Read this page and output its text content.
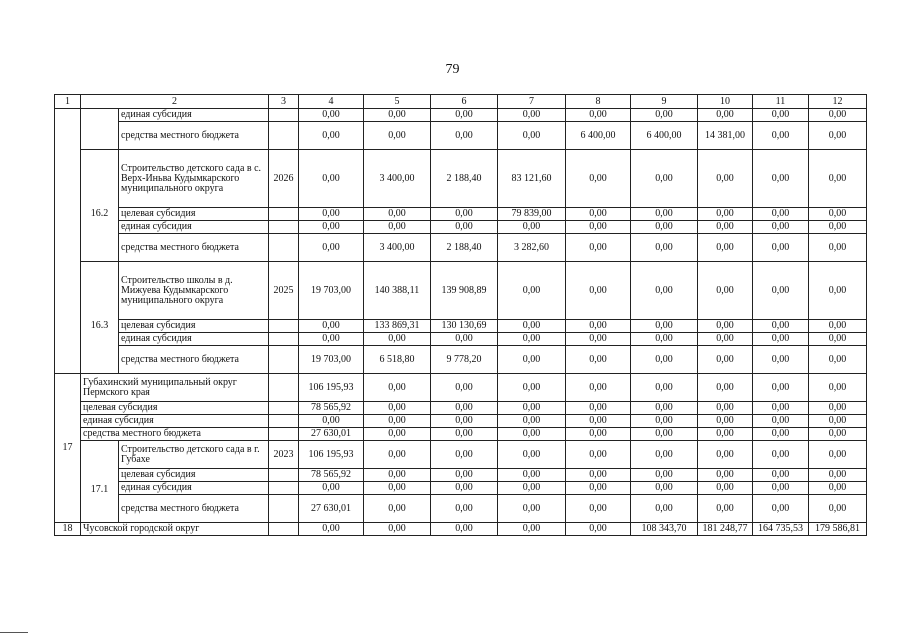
79
1	2		3	4	5	6	7	8	9	10	11	12
		единая субсидия		0,00	0,00	0,00	0,00	0,00	0,00	0,00	0,00	0,00
		средства местного бюджета		0,00	0,00	0,00	0,00	6 400,00	6 400,00	14 381,00	0,00	0,00
	16.2	Строительство детского сада в с. Верх-Иньва Кудымкарского муниципального округа	2026	0,00	3 400,00	2 188,40	83 121,60	0,00	0,00	0,00	0,00	0,00
		целевая субсидия		0,00	0,00	0,00	79 839,00	0,00	0,00	0,00	0,00	0,00
		единая субсидия		0,00	0,00	0,00	0,00	0,00	0,00	0,00	0,00	0,00
		средства местного бюджета		0,00	3 400,00	2 188,40	3 282,60	0,00	0,00	0,00	0,00	0,00
	16.3	Строительство школы в д. Мижуева Кудымкарского муниципального округа	2025	19 703,00	140 388,11	139 908,89	0,00	0,00	0,00	0,00	0,00	0,00
		целевая субсидия		0,00	133 869,31	130 130,69	0,00	0,00	0,00	0,00	0,00	0,00
		единая субсидия		0,00	0,00	0,00	0,00	0,00	0,00	0,00	0,00	0,00
		средства местного бюджета		19 703,00	6 518,80	9 778,20	0,00	0,00	0,00	0,00	0,00	0,00
17	Губахинский муниципальный округ Пермского края			106 195,93	0,00	0,00	0,00	0,00	0,00	0,00	0,00	0,00
	целевая субсидия			78 565,92	0,00	0,00	0,00	0,00	0,00	0,00	0,00	0,00
	единая субсидия			0,00	0,00	0,00	0,00	0,00	0,00	0,00	0,00	0,00
	средства местного бюджета			27 630,01	0,00	0,00	0,00	0,00	0,00	0,00	0,00	0,00
	17.1	Строительство детского сада в г. Губахе	2023	106 195,93	0,00	0,00	0,00	0,00	0,00	0,00	0,00	0,00
		целевая субсидия		78 565,92	0,00	0,00	0,00	0,00	0,00	0,00	0,00	0,00
		единая субсидия		0,00	0,00	0,00	0,00	0,00	0,00	0,00	0,00	0,00
		средства местного бюджета		27 630,01	0,00	0,00	0,00	0,00	0,00	0,00	0,00	0,00
18	Чусовской городской округ			0,00	0,00	0,00	0,00	0,00	108 343,70	181 248,77	164 735,53	179 586,81
